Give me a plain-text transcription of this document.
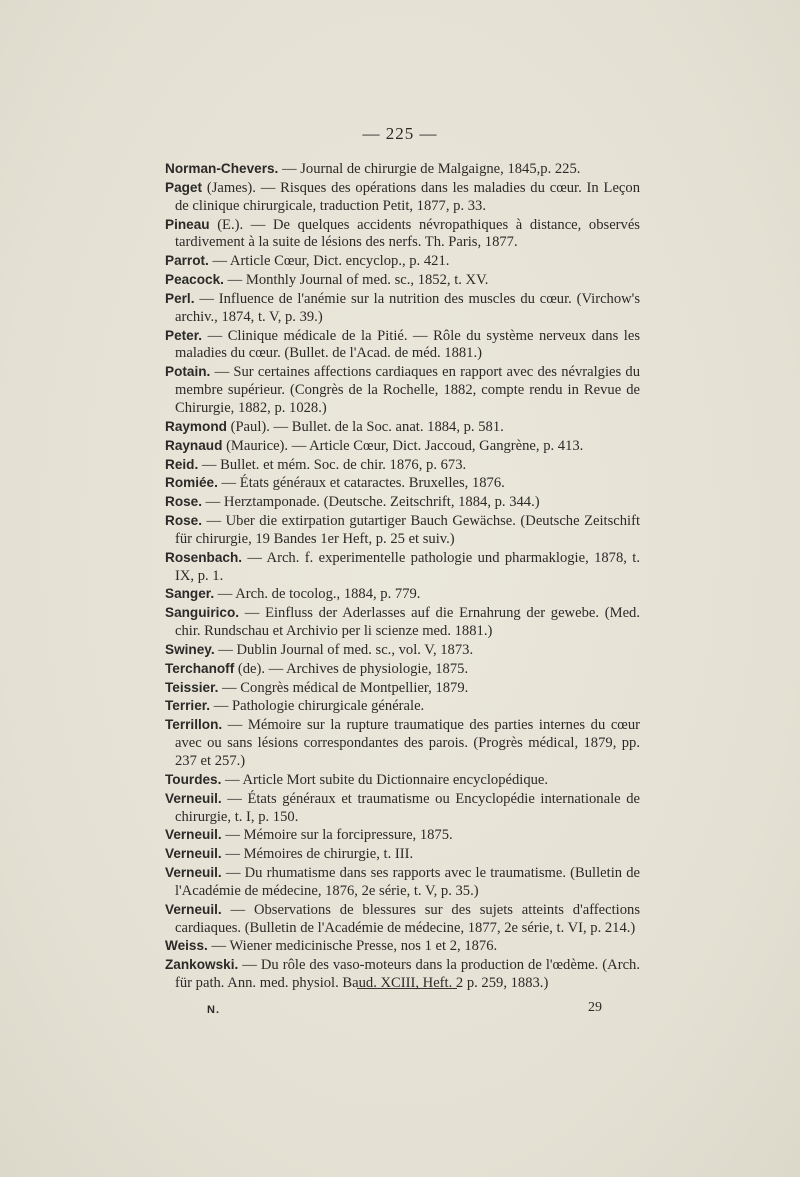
— 225 —

Norman-Chevers. — Journal de chirurgie de Malgaigne, 1845,p. 225.

Paget (James). — Risques des opérations dans les maladies du cœur. In Leçon de clinique chirurgicale, traduction Petit, 1877, p. 33.

Pineau (E.). — De quelques accidents névropathiques à distance, observés tardivement à la suite de lésions des nerfs. Th. Paris, 1877.

Parrot. — Article Cœur, Dict. encyclop., p. 421.

Peacock. — Monthly Journal of med. sc., 1852, t. XV.

Perl. — Influence de l'anémie sur la nutrition des muscles du cœur. (Virchow's archiv., 1874, t. V, p. 39.)

Peter. — Clinique médicale de la Pitié. — Rôle du système nerveux dans les maladies du cœur. (Bullet. de l'Acad. de méd. 1881.)

Potain. — Sur certaines affections cardiaques en rapport avec des névralgies du membre supérieur. (Congrès de la Rochelle, 1882, compte rendu in Revue de Chirurgie, 1882, p. 1028.)

Raymond (Paul). — Bullet. de la Soc. anat. 1884, p. 581.

Raynaud (Maurice). — Article Cœur, Dict. Jaccoud, Gangrène, p. 413.

Reid. — Bullet. et mém. Soc. de chir. 1876, p. 673.

Romiée. — États généraux et cataractes. Bruxelles, 1876.

Rose. — Herztamponade. (Deutsche. Zeitschrift, 1884, p. 344.)

Rose. — Uber die extirpation gutartiger Bauch Gewächse. (Deutsche Zeitschift für chirurgie, 19 Bandes 1er Heft, p. 25 et suiv.)

Rosenbach. — Arch. f. experimentelle pathologie und pharmaklogie, 1878, t. IX, p. 1.

Sanger. — Arch. de tocolog., 1884, p. 779.

Sanguirico. — Einfluss der Aderlasses auf die Ernahrung der gewebe. (Med. chir. Rundschau et Archivio per li scienze med. 1881.)

Swiney. — Dublin Journal of med. sc., vol. V, 1873.

Terchanoff (de). — Archives de physiologie, 1875.

Teissier. — Congrès médical de Montpellier, 1879.

Terrier. — Pathologie chirurgicale générale.

Terrillon. — Mémoire sur la rupture traumatique des parties internes du cœur avec ou sans lésions correspondantes des parois. (Progrès médical, 1879, pp. 237 et 257.)

Tourdes. — Article Mort subite du Dictionnaire encyclopédique.

Verneuil. — États généraux et traumatisme ou Encyclopédie internationale de chirurgie, t. I, p. 150.

Verneuil. — Mémoire sur la forcipressure, 1875.

Verneuil. — Mémoires de chirurgie, t. III.

Verneuil. — Du rhumatisme dans ses rapports avec le traumatisme. (Bulletin de l'Académie de médecine, 1876, 2e série, t. V, p. 35.)

Verneuil. — Observations de blessures sur des sujets atteints d'affections cardiaques. (Bulletin de l'Académie de médecine, 1877, 2e série, t. VI, p. 214.)

Weiss. — Wiener medicinische Presse, nos 1 et 2, 1876.

Zankowski. — Du rôle des vaso-moteurs dans la production de l'œdème. (Arch. für path. Ann. med. physiol. Baud. XCIII, Heft. 2 p. 259, 1883.)

N.	29
